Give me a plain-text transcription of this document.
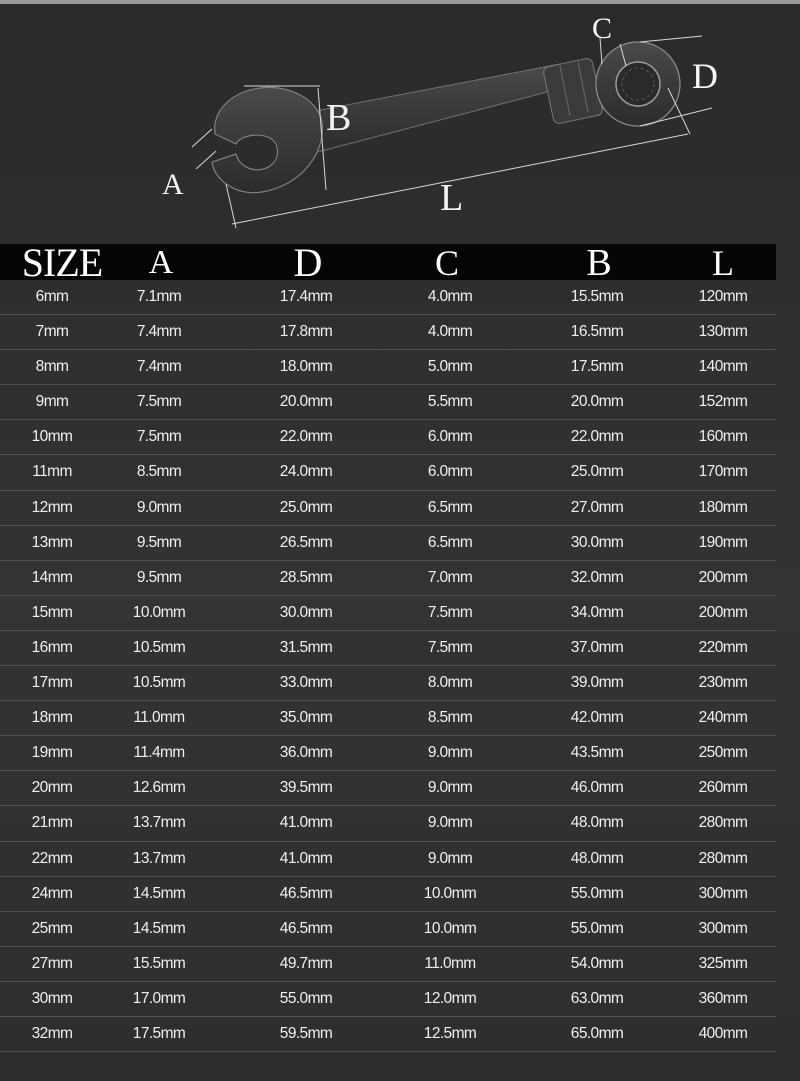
A
B
C
D
L
SIZE A	D	C	B	L
6mm	7.1mm	17.4mm	4.0mm	15.5mm	120mm
7mm	7.4mm	17.8mm	4.0mm	16.5mm	130mm
8mm	7.4mm	18.0mm	5.0mm	17.5mm	140mm
9mm	7.5mm	20.0mm	5.5mm	20.0mm	152mm
10mm	7.5mm	22.0mm	6.0mm	22.0mm	160mm
11mm	8.5mm	24.0mm	6.0mm	25.0mm	170mm
12mm	9.0mm	25.0mm	6.5mm	27.0mm	180mm
13mm	9.5mm	26.5mm	6.5mm	30.0mm	190mm
14mm	9.5mm	28.5mm	7.0mm	32.0mm	200mm
15mm	10.0mm	30.0mm	7.5mm	34.0mm	200mm
16mm	10.5mm	31.5mm	7.5mm	37.0mm	220mm
17mm	10.5mm	33.0mm	8.0mm	39.0mm	230mm
18mm	11.0mm	35.0mm	8.5mm	42.0mm	240mm
19mm	11.4mm	36.0mm	9.0mm	43.5mm	250mm
20mm	12.6mm	39.5mm	9.0mm	46.0mm	260mm
21mm	13.7mm	41.0mm	9.0mm	48.0mm	280mm
22mm	13.7mm	41.0mm	9.0mm	48.0mm	280mm
24mm	14.5mm	46.5mm	10.0mm	55.0mm	300mm
25mm	14.5mm	46.5mm	10.0mm	55.0mm	300mm
27mm	15.5mm	49.7mm	11.0mm	54.0mm	325mm
30mm	17.0mm	55.0mm	12.0mm	63.0mm	360mm
32mm	17.5mm	59.5mm	12.5mm	65.0mm	400mm
